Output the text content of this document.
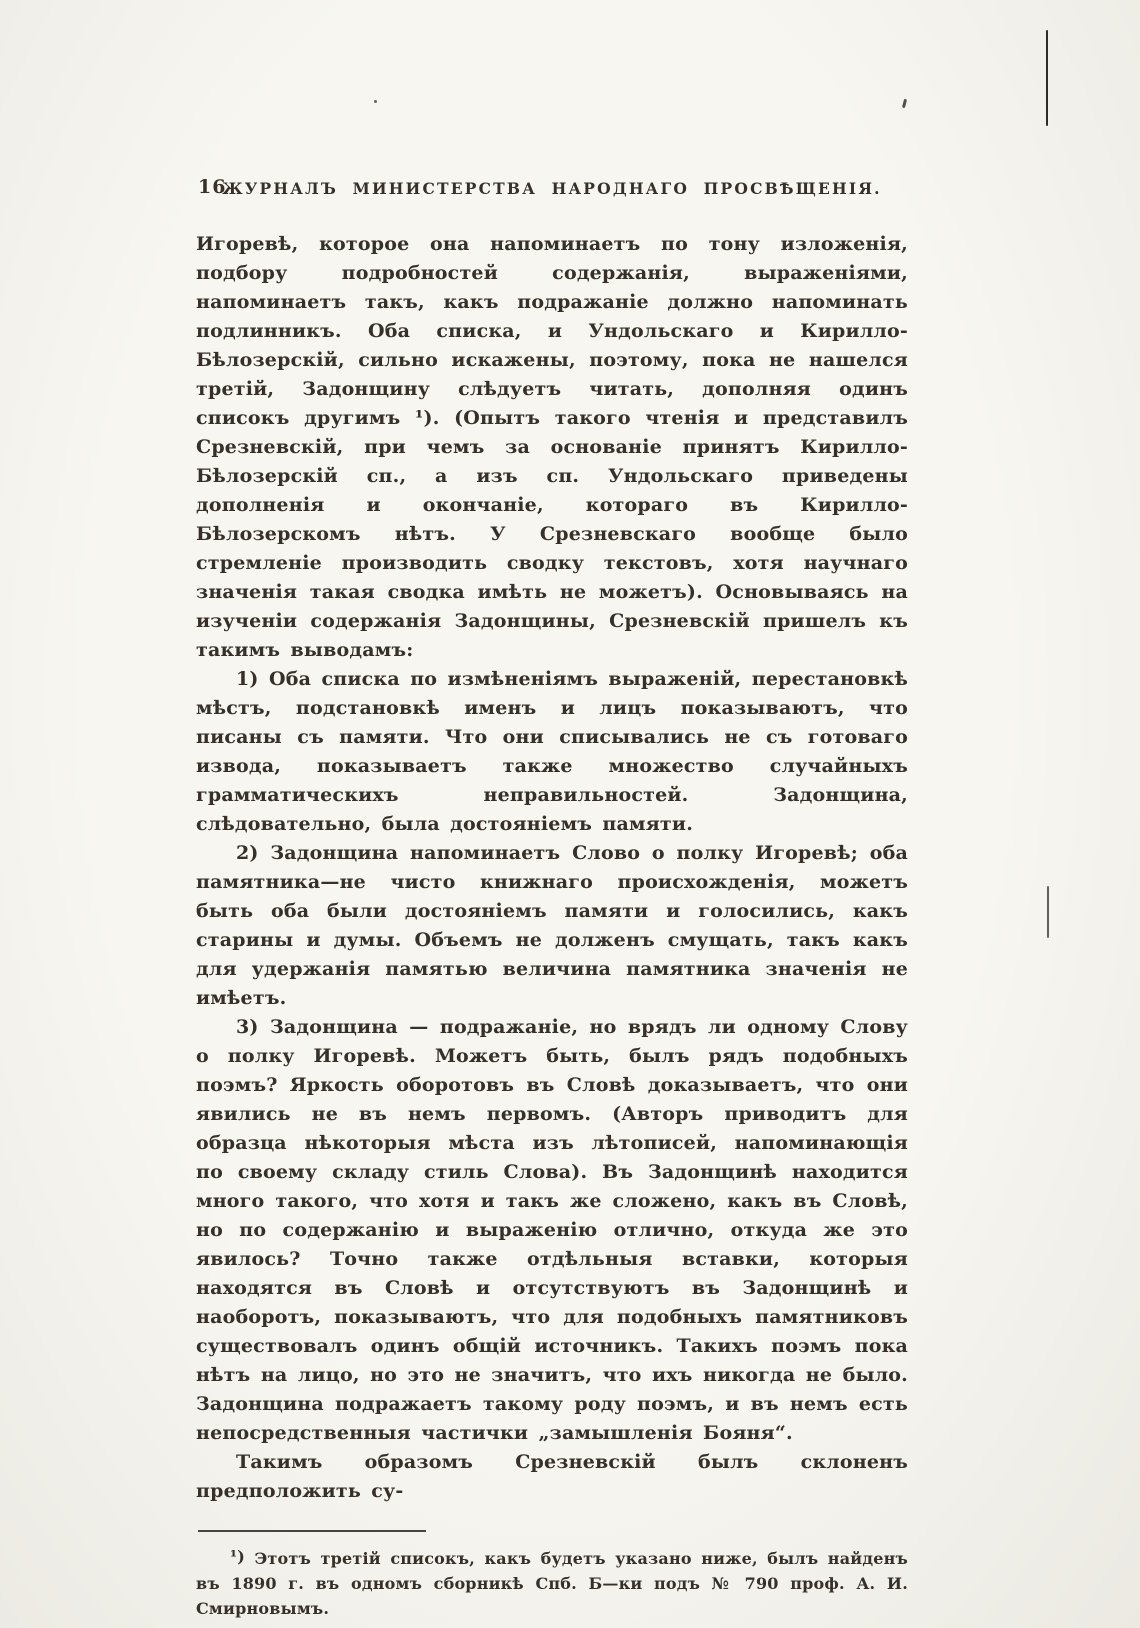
16
ЖУРНАЛЪ МИНИСТЕРСТВА НАРОДНАГО ПРОСВѢЩЕНІЯ.

Игоревѣ, которое она напоминаетъ по тону изложенія, подбору подробностей содержанія, выраженіями, напоминаетъ такъ, какъ подражаніе должно напоминать подлинникъ. Оба списка, и Ундольскаго и Кирилло-Бѣлозерскій, сильно искажены, поэтому, пока не нашелся третій, Задонщину слѣдуетъ читать, дополняя одинъ списокъ другимъ ¹). (Опытъ такого чтенія и представилъ Срезневскій, при чемъ за основаніе принятъ Кирилло-Бѣлозерскій сп., а изъ сп. Ундольскаго приведены дополненія и окончаніе, котораго въ Кирилло-Бѣлозерскомъ нѣтъ. У Срезневскаго вообще было стремленіе производить сводку текстовъ, хотя научнаго значенія такая сводка имѣть не можетъ). Основываясь на изученіи содержанія Задонщины, Срезневскій пришелъ къ такимъ выводамъ:

1) Оба списка по измѣненіямъ выраженій, перестановкѣ мѣстъ, подстановкѣ именъ и лицъ показываютъ, что писаны съ памяти. Что они списывались не съ готоваго извода, показываетъ также множество случайныхъ грамматическихъ неправильностей. Задонщина, слѣдовательно, была достояніемъ памяти.

2) Задонщина напоминаетъ Слово о полку Игоревѣ; оба памятника—не чисто книжнаго происхожденія, можетъ быть оба были достояніемъ памяти и голосились, какъ старины и думы. Объемъ не долженъ смущать, такъ какъ для удержанія памятью величина памятника значенія не имѣетъ.

3) Задонщина — подражаніе, но врядъ ли одному Слову о полку Игоревѣ. Можетъ быть, былъ рядъ подобныхъ поэмъ? Яркость оборотовъ въ Словѣ доказываетъ, что они явились не въ немъ первомъ. (Авторъ приводитъ для образца нѣкоторыя мѣста изъ лѣтописей, напоминающія по своему складу стиль Слова). Въ Задонщинѣ находится много такого, что хотя и такъ же сложено, какъ въ Словѣ, но по содержанію и выраженію отлично, откуда же это явилось? Точно также отдѣльныя вставки, которыя находятся въ Словѣ и отсутствуютъ въ Задонщинѣ и наоборотъ, показываютъ, что для подобныхъ памятниковъ существовалъ одинъ общій источникъ. Такихъ поэмъ пока нѣтъ на лицо, но это не значитъ, что ихъ никогда не было. Задонщина подражаетъ такому роду поэмъ, и въ немъ есть непосредственныя частички „замышленія Бояня“.

Такимъ образомъ Срезневскій былъ склоненъ предположить су-

¹) Этотъ третій списокъ, какъ будетъ указано ниже, былъ найденъ въ 1890 г. въ одномъ сборникѣ Спб. Б—ки подъ № 790 проф. А. И. Смирновымъ.
